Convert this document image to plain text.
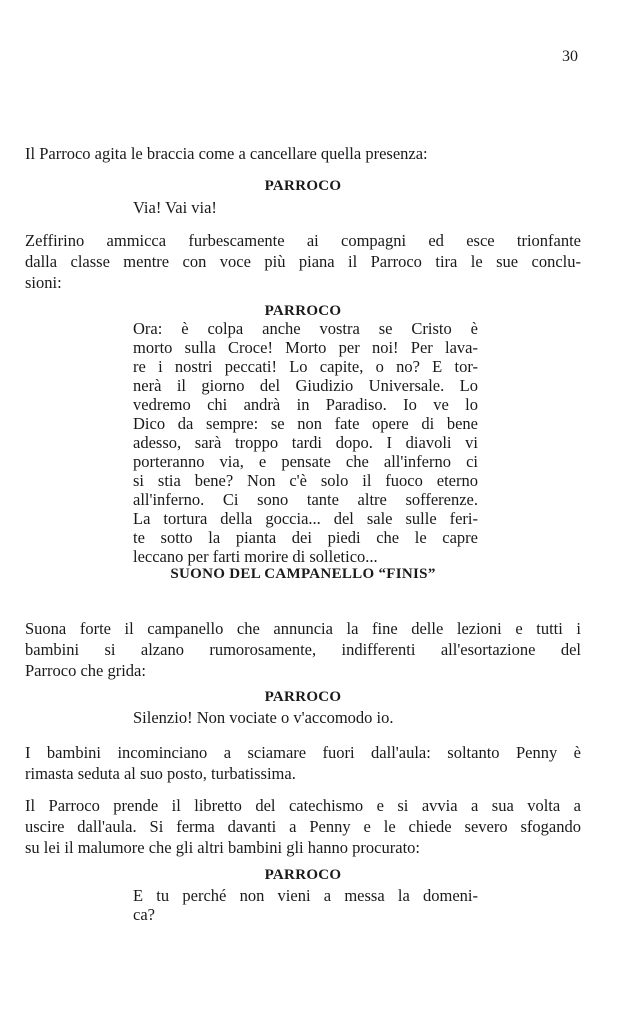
30
Il Parroco agita le braccia come a cancellare quella presenza:
PARROCO
Via! Vai via!
Zeffirino ammicca furbescamente ai compagni ed esce trionfante
dalla classe mentre con voce più piana il Parroco tira le sue conclu-
sioni:
PARROCO
Ora: è colpa anche vostra se Cristo è
morto sulla Croce! Morto per noi! Per lava-
re i nostri peccati! Lo capite, o no? E tor-
nerà il giorno del Giudizio Universale. Lo
vedremo chi andrà in Paradiso. Io ve lo
Dico da sempre: se non fate opere di bene
adesso, sarà troppo tardi dopo. I diavoli vi
porteranno via, e pensate che all'inferno ci
si stia bene? Non c'è solo il fuoco eterno
all'inferno. Ci sono tante altre sofferenze.
La tortura della goccia... del sale sulle feri-
te sotto la pianta dei piedi che le capre
leccano per farti morire di solletico...
SUONO DEL CAMPANELLO “FINIS”
Suona forte il campanello che annuncia la fine delle lezioni e tutti i
bambini si alzano rumorosamente, indifferenti all'esortazione del
Parroco che grida:
PARROCO
Silenzio! Non vociate o v'accomodo io.
I bambini incominciano a sciamare fuori dall'aula: soltanto Penny è
rimasta seduta al suo posto, turbatissima.
Il Parroco prende il libretto del catechismo e si avvia a sua volta a
uscire dall'aula. Si ferma davanti a Penny e le chiede severo sfogando
su lei il malumore che gli altri bambini gli hanno procurato:
PARROCO
E tu perché non vieni a messa la domeni-
ca?
